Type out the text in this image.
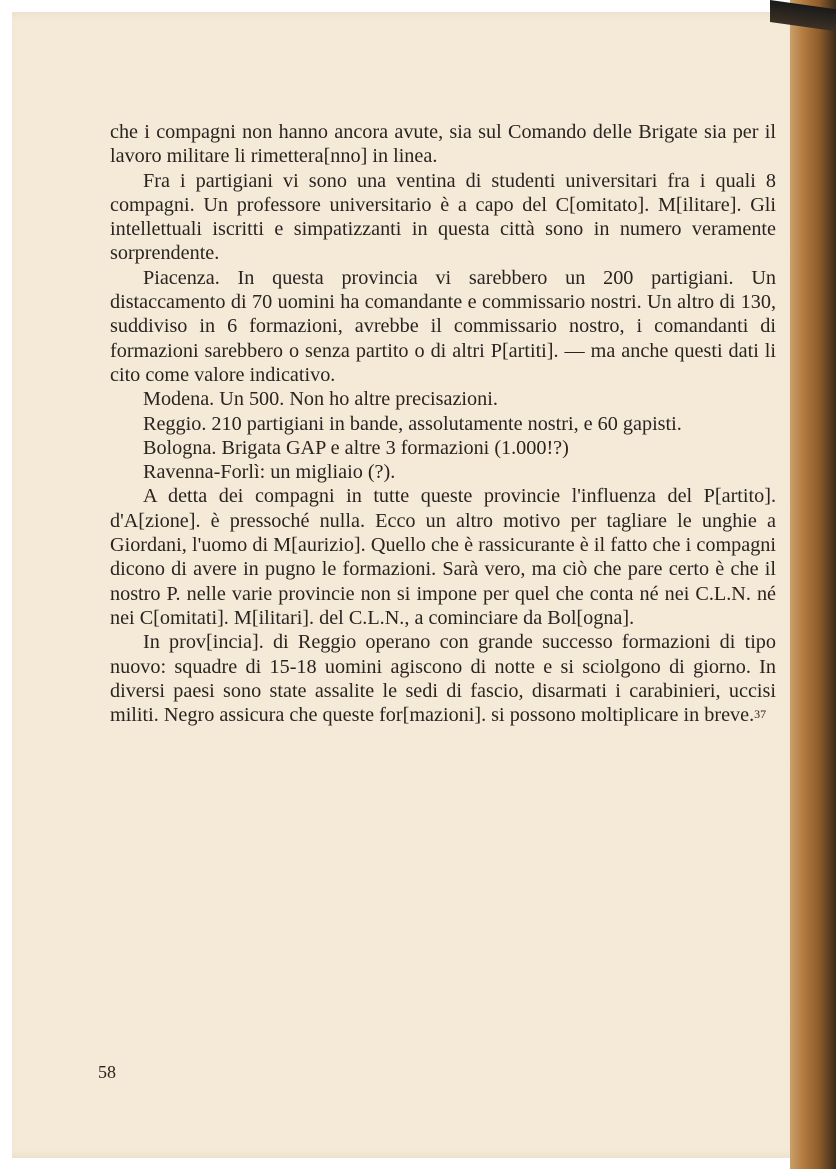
che i compagni non hanno ancora avute, sia sul Comando delle Brigate sia per il lavoro militare li rimettera[nno] in linea.

Fra i partigiani vi sono una ventina di studenti universitari fra i quali 8 compagni. Un professore universitario è a capo del C[omitato]. M[ilitare]. Gli intellettuali iscritti e simpatizzanti in questa città sono in numero veramente sorprendente.

Piacenza. In questa provincia vi sarebbero un 200 partigiani. Un distaccamento di 70 uomini ha comandante e commissario nostri. Un altro di 130, suddiviso in 6 formazioni, avrebbe il commissario nostro, i comandanti di formazioni sarebbero o senza partito o di altri P[artiti]. — ma anche questi dati li cito come valore indicativo.

Modena. Un 500. Non ho altre precisazioni.

Reggio. 210 partigiani in bande, assolutamente nostri, e 60 gapisti.

Bologna. Brigata GAP e altre 3 formazioni (1.000!?)

Ravenna-Forlì: un migliaio (?).

A detta dei compagni in tutte queste provincie l'influenza del P[artito]. d'A[zione]. è pressoché nulla. Ecco un altro motivo per tagliare le unghie a Giordani, l'uomo di M[aurizio]. Quello che è rassicurante è il fatto che i compagni dicono di avere in pugno le formazioni. Sarà vero, ma ciò che pare certo è che il nostro P. nelle varie provincie non si impone per quel che conta né nei C.L.N. né nei C[omitati]. M[ilitari]. del C.L.N., a cominciare da Bol[ogna].

In prov[incia]. di Reggio operano con grande successo formazioni di tipo nuovo: squadre di 15-18 uomini agiscono di notte e si sciolgono di giorno. In diversi paesi sono state assalite le sedi di fascio, disarmati i carabinieri, uccisi militi. Negro assicura che queste for[mazioni]. si possono moltiplicare in breve.$^{37}$

58
